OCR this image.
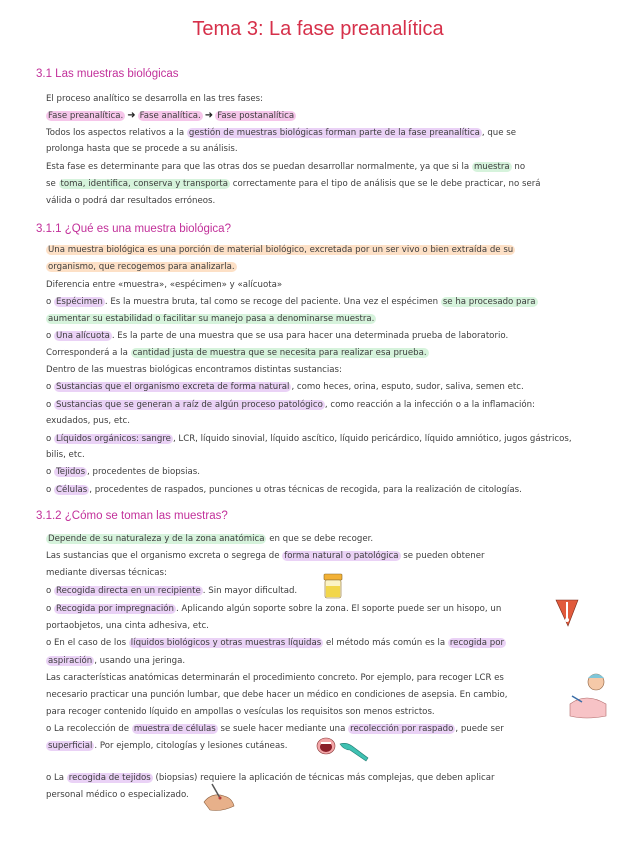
Tema 3: La fase preanalítica
3.1 Las muestras biológicas
El proceso analítico se desarrolla en las tres fases:
Fase preanalítica. ➜ Fase analítica. ➜ Fase postanalítica
Todos los aspectos relativos a la gestión de muestras biológicas forman parte de la fase preanalítica , que se
prolonga hasta que se procede a su análisis.
Esta fase es determinante para que las otras dos se puedan desarrollar normalmente, ya que si la muestra no
se toma, identifica, conserva y transporta correctamente para el tipo de análisis que se le debe practicar, no será
válida o podrá dar resultados erróneos.
3.1.1 ¿Qué es una muestra biológica?
Una muestra biológica es una porción de material biológico, excretada por un ser vivo o bien extraída de su
organismo, que recogemos para analizarla.
Diferencia entre «muestra», «espécimen» y «alícuota»
o Espécimen . Es la muestra bruta, tal como se recoge del paciente. Una vez el espécimen se ha procesado para
aumentar su estabilidad o facilitar su manejo pasa a denominarse muestra.
o Una alícuota . Es la parte de una muestra que se usa para hacer una determinada prueba de laboratorio.
Corresponderá a la cantidad justa de muestra que se necesita para realizar esa prueba.
Dentro de las muestras biológicas encontramos distintas sustancias:
o Sustancias que el organismo excreta de forma natural , como heces, orina, esputo, sudor, saliva, semen etc.
o Sustancias que se generan a raíz de algún proceso patológico , como reacción a la infección o a la inflamación:
exudados, pus, etc.
o Líquidos orgánicos: sangre , LCR, líquido sinovial, líquido ascítico, líquido pericárdico, líquido amniótico, jugos gástricos,
bilis, etc.
o Tejidos , procedentes de biopsias.
o Células , procedentes de raspados, punciones u otras técnicas de recogida, para la realización de citologías.
3.1.2 ¿Cómo se toman las muestras?
Depende de su naturaleza y de la zona anatómica en que se debe recoger.
Las sustancias que el organismo excreta o segrega de forma natural o patológica se pueden obtener
mediante diversas técnicas:
o Recogida directa en un recipiente . Sin mayor dificultad.
o Recogida por impregnación . Aplicando algún soporte sobre la zona. El soporte puede ser un hisopo, un
portaobjetos, una cinta adhesiva, etc.
o En el caso de los líquidos biológicos y otras muestras líquidas el método más común es la recogida por
aspiración , usando una jeringa.
Las características anatómicas determinarán el procedimiento concreto. Por ejemplo, para recoger LCR es
necesario practicar una punción lumbar, que debe hacer un médico en condiciones de asepsia. En cambio,
para recoger contenido líquido en ampollas o vesículas los requisitos son menos estrictos.
o La recolección de muestra de células se suele hacer mediante una recolección por raspado , puede ser
superficial . Por ejemplo, citologías y lesiones cutáneas.
o La recogida de tejidos (biopsias) requiere la aplicación de técnicas más complejas, que deben aplicar
personal médico o especializado.
